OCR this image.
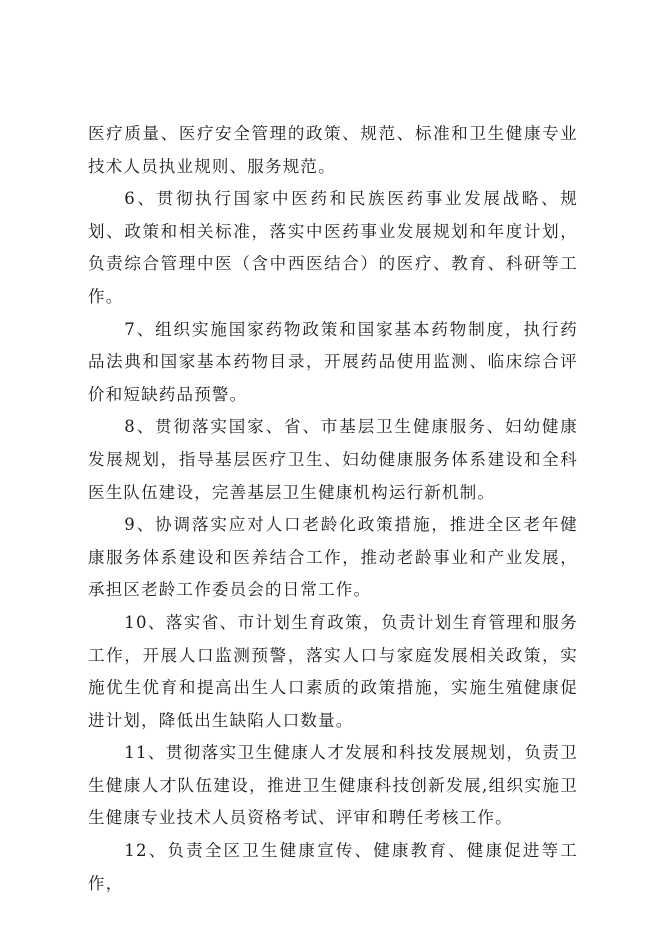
医疗质量、医疗安全管理的政策、规范、标准和卫生健康专业技术人员执业规则、服务规范。

6、贯彻执行国家中医药和民族医药事业发展战略、规划、政策和相关标准，落实中医药事业发展规划和年度计划，负责综合管理中医（含中西医结合）的医疗、教育、科研等工作。

7、组织实施国家药物政策和国家基本药物制度，执行药品法典和国家基本药物目录，开展药品使用监测、临床综合评价和短缺药品预警。

8、贯彻落实国家、省、市基层卫生健康服务、妇幼健康发展规划，指导基层医疗卫生、妇幼健康服务体系建设和全科医生队伍建设，完善基层卫生健康机构运行新机制。

9、协调落实应对人口老龄化政策措施，推进全区老年健康服务体系建设和医养结合工作，推动老龄事业和产业发展，承担区老龄工作委员会的日常工作。

10、落实省、市计划生育政策，负责计划生育管理和服务工作，开展人口监测预警，落实人口与家庭发展相关政策，实施优生优育和提高出生人口素质的政策措施，实施生殖健康促进计划，降低出生缺陷人口数量。

11、贯彻落实卫生健康人才发展和科技发展规划，负责卫生健康人才队伍建设，推进卫生健康科技创新发展,组织实施卫生健康专业技术人员资格考试、评审和聘任考核工作。

12、负责全区卫生健康宣传、健康教育、健康促进等工作，
